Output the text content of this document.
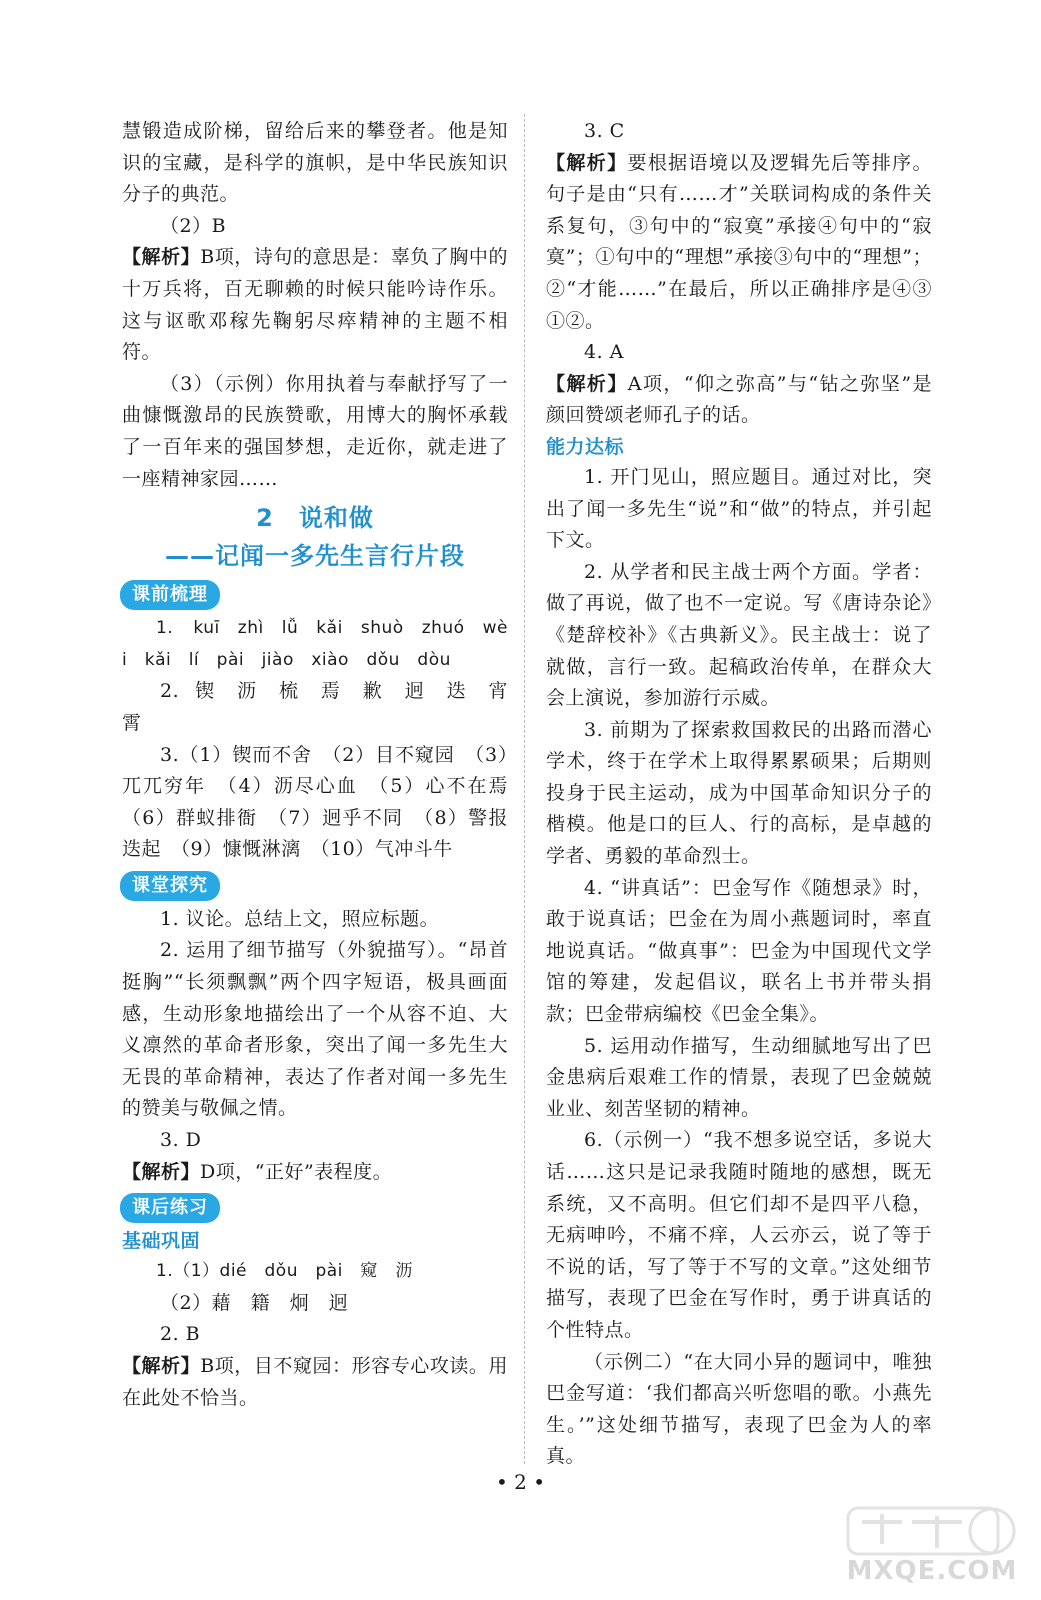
慧锻造成阶梯，留给后来的攀登者。他是知识的宝藏，是科学的旗帜，是中华民族知识分子的典范。

（2）B

【解析】B项，诗句的意思是：辜负了胸中的十万兵将，百无聊赖的时候只能吟诗作乐。这与讴歌邓稼先鞠躬尽瘁精神的主题不相符。

（3）（示例）你用执着与奉献抒写了一曲慷慨激昂的民族赞歌，用博大的胸怀承载了一百年来的强国梦想，走近你，就走进了一座精神家园……

2　说和做
——记闻一多先生言行片段
课前梳理

1. kuī　zhì　lǚ　kǎi　shuò　zhuó　wèi　kǎi　lí　pài　jiào　xiào　dǒu　dòu

2. 锲　沥　梳　焉　歉　迥　迭　宵　霄

3.（1）锲而不舍　（2）目不窥园　（3）兀兀穷年　（4）沥尽心血　（5）心不在焉　（6）群蚁排衙　（7）迥乎不同　（8）警报迭起　（9）慷慨淋漓　（10）气冲斗牛

课堂探究

1. 议论。总结上文，照应标题。

2. 运用了细节描写（外貌描写）。“昂首挺胸”“长须飘飘”两个四字短语，极具画面感，生动形象地描绘出了一个从容不迫、大义凛然的革命者形象，突出了闻一多先生大无畏的革命精神，表达了作者对闻一多先生的赞美与敬佩之情。

3. D

【解析】D项，“正好”表程度。

课后练习
基础巩固

1.（1）dié　dǒu　pài　窥　沥

（2）藉　籍　炯　迥

2. B

【解析】B项，目不窥园：形容专心攻读。用在此处不恰当。

3. C

【解析】要根据语境以及逻辑先后等排序。句子是由“只有……才”关联词构成的条件关系复句，③句中的“寂寞”承接④句中的“寂寞”；①句中的“理想”承接③句中的“理想”；②“才能……”在最后，所以正确排序是④③①②。

4. A

【解析】A项，“仰之弥高”与“钻之弥坚”是颜回赞颂老师孔子的话。

能力达标

1. 开门见山，照应题目。通过对比，突出了闻一多先生“说”和“做”的特点，并引起下文。

2. 从学者和民主战士两个方面。学者：做了再说，做了也不一定说。写《唐诗杂论》《楚辞校补》《古典新义》。民主战士：说了就做，言行一致。起稿政治传单，在群众大会上演说，参加游行示威。

3. 前期为了探索救国救民的出路而潜心学术，终于在学术上取得累累硕果；后期则投身于民主运动，成为中国革命知识分子的楷模。他是口的巨人、行的高标，是卓越的学者、勇毅的革命烈士。

4. “讲真话”：巴金写作《随想录》时，敢于说真话；巴金在为周小燕题词时，率直地说真话。“做真事”：巴金为中国现代文学馆的筹建，发起倡议，联名上书并带头捐款；巴金带病编校《巴金全集》。

5. 运用动作描写，生动细腻地写出了巴金患病后艰难工作的情景，表现了巴金兢兢业业、刻苦坚韧的精神。

6.（示例一）“我不想多说空话，多说大话……这只是记录我随时随地的感想，既无系统，又不高明。但它们却不是四平八稳，无病呻吟，不痛不痒，人云亦云，说了等于不说的话，写了等于不写的文章。”这处细节描写，表现了巴金在写作时，勇于讲真话的个性特点。

（示例二）“在大同小异的题词中，唯独巴金写道：‘我们都高兴听您唱的歌。小燕先生。’”这处细节描写，表现了巴金为人的率真。

• 2 •
MXQE.COM
